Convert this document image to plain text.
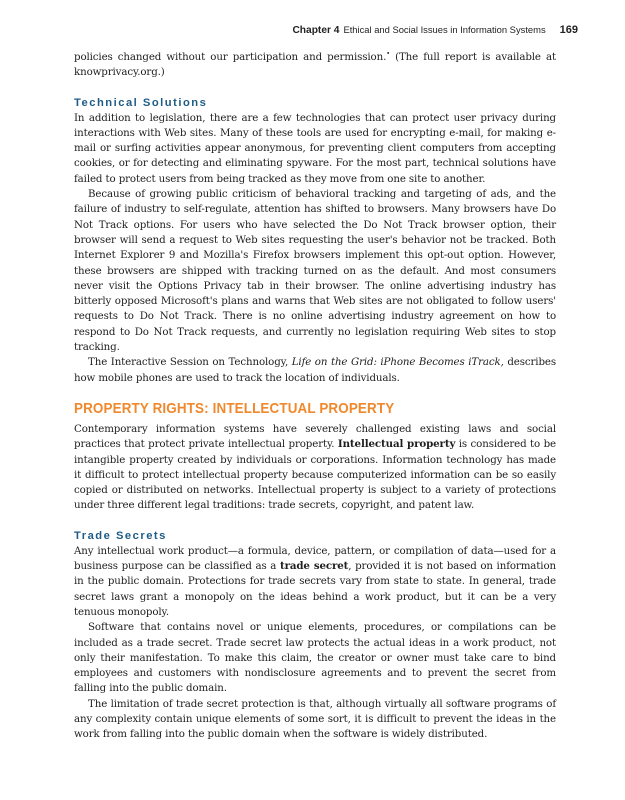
Chapter 4 Ethical and Social Issues in Information Systems 169

policies changed without our participation and permission.• (The full report is available at knowprivacy.org.)

Technical Solutions

In addition to legislation, there are a few technologies that can protect user privacy during interactions with Web sites. Many of these tools are used for encrypting e-mail, for making e-mail or surfing activities appear anonymous, for preventing client computers from accepting cookies, or for detecting and eliminating spyware. For the most part, technical solutions have failed to protect users from being tracked as they move from one site to another.

Because of growing public criticism of behavioral tracking and targeting of ads, and the failure of industry to self-regulate, attention has shifted to browsers. Many browsers have Do Not Track options. For users who have selected the Do Not Track browser option, their browser will send a request to Web sites requesting the user's behavior not be tracked. Both Internet Explorer 9 and Mozilla's Firefox browsers implement this opt-out option. However, these browsers are shipped with tracking turned on as the default. And most consumers never visit the Options Privacy tab in their browser. The online advertising industry has bitterly opposed Microsoft's plans and warns that Web sites are not obligated to follow users' requests to Do Not Track. There is no online advertising industry agreement on how to respond to Do Not Track requests, and currently no legislation requiring Web sites to stop tracking.

The Interactive Session on Technology, Life on the Grid: iPhone Becomes iTrack, describes how mobile phones are used to track the location of individuals.

PROPERTY RIGHTS: INTELLECTUAL PROPERTY

Contemporary information systems have severely challenged existing laws and social practices that protect private intellectual property. Intellectual property is considered to be intangible property created by individuals or corporations. Information technology has made it difficult to protect intellectual property because computerized information can be so easily copied or distributed on networks. Intellectual property is subject to a variety of protections under three different legal traditions: trade secrets, copyright, and patent law.

Trade Secrets

Any intellectual work product—a formula, device, pattern, or compilation of data—used for a business purpose can be classified as a trade secret, provided it is not based on information in the public domain. Protections for trade secrets vary from state to state. In general, trade secret laws grant a monopoly on the ideas behind a work product, but it can be a very tenuous monopoly.

Software that contains novel or unique elements, procedures, or compilations can be included as a trade secret. Trade secret law protects the actual ideas in a work product, not only their manifestation. To make this claim, the creator or owner must take care to bind employees and customers with nondisclosure agreements and to prevent the secret from falling into the public domain.

The limitation of trade secret protection is that, although virtually all software programs of any complexity contain unique elements of some sort, it is difficult to prevent the ideas in the work from falling into the public domain when the software is widely distributed.
